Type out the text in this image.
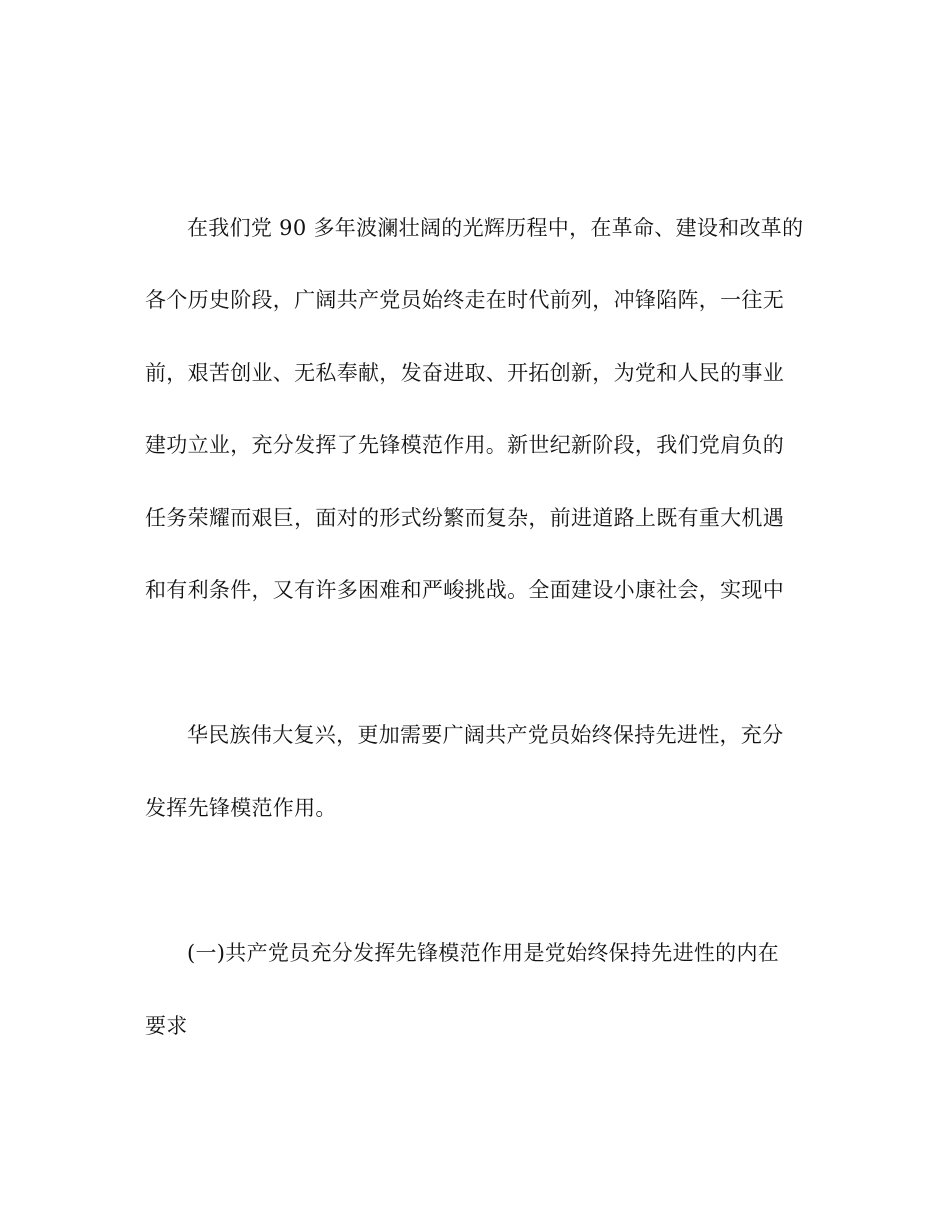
在我们党 90 多年波澜壮阔的光辉历程中，在革命、建设和改革的
各个历史阶段，广阔共产党员始终走在时代前列，冲锋陷阵，一往无
前，艰苦创业、无私奉献，发奋进取、开拓创新，为党和人民的事业
建功立业，充分发挥了先锋模范作用。新世纪新阶段，我们党肩负的
任务荣耀而艰巨，面对的形式纷繁而复杂，前进道路上既有重大机遇
和有利条件，又有许多困难和严峻挑战。全面建设小康社会，实现中
华民族伟大复兴，更加需要广阔共产党员始终保持先进性，充分
发挥先锋模范作用。
(一)共产党员充分发挥先锋模范作用是党始终保持先进性的内在
要求
